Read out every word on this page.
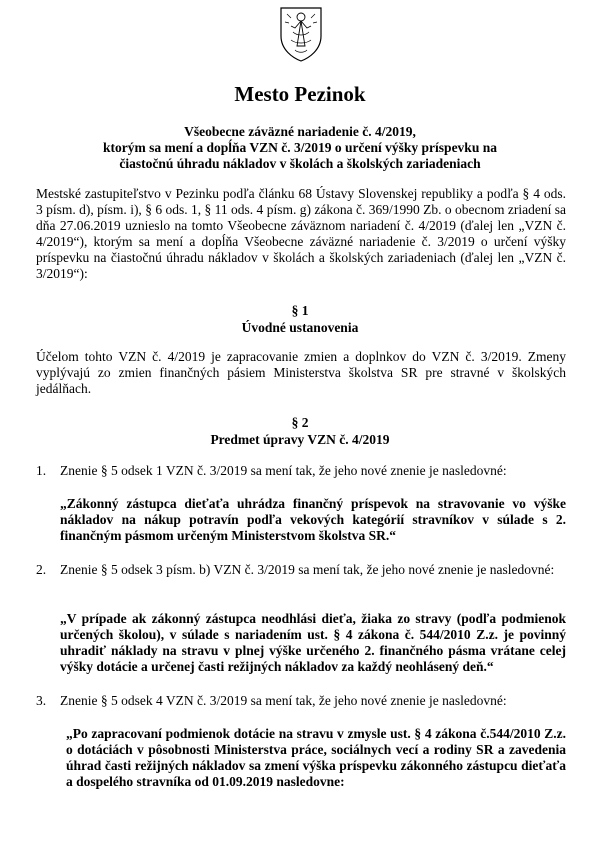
Mesto Pezinok
Všeobecne záväzné nariadenie č. 4/2019,
ktorým sa mení a dopĺňa VZN č. 3/2019 o určení výšky príspevku na
čiastočnú úhradu nákladov v školách a školských zariadeniach
Mestské zastupiteľstvo v Pezinku podľa článku 68 Ústavy Slovenskej republiky a podľa § 4 ods. 3 písm. d), písm. i), § 6 ods. 1, § 11 ods. 4 písm. g) zákona č. 369/1990 Zb. o obecnom zriadení sa dňa 27.06.2019 uznieslo na tomto Všeobecne záväznom nariadení č. 4/2019 (ďalej len „VZN č. 4/2019“), ktorým sa mení a dopĺňa Všeobecne záväzné nariadenie č. 3/2019 o určení výšky príspevku na čiastočnú úhradu nákladov v školách a školských zariadeniach (ďalej len „VZN č. 3/2019“):
§ 1
Úvodné ustanovenia
Účelom tohto VZN č. 4/2019 je zapracovanie zmien a doplnkov do VZN č. 3/2019. Zmeny vyplývajú zo zmien finančných pásiem Ministerstva školstva SR pre stravné v školských jedálňach.
§ 2
Predmet úpravy VZN č. 4/2019
1. Znenie § 5 odsek 1 VZN č. 3/2019 sa mení tak, že jeho nové znenie je nasledovné:
„Zákonný zástupca dieťaťa uhrádza finančný príspevok na stravovanie vo výške nákladov na nákup potravín podľa vekových kategórií stravníkov v súlade s 2. finančným pásmom určeným Ministerstvom školstva SR.“
2. Znenie § 5 odsek 3 písm. b) VZN č. 3/2019 sa mení tak, že jeho nové znenie je nasledovné:
„V prípade ak zákonný zástupca neodhlási dieťa, žiaka zo stravy (podľa podmienok určených školou), v súlade s nariadením ust. § 4 zákona č. 544/2010 Z.z. je povinný uhradiť náklady na stravu v plnej výške určeného 2. finančného pásma vrátane celej výšky dotácie a určenej časti režijných nákladov za každý neohlásený deň.“
3. Znenie § 5 odsek 4 VZN č. 3/2019 sa mení tak, že jeho nové znenie je nasledovné:
„Po zapracovaní podmienok dotácie na stravu v zmysle ust. § 4 zákona č.544/2010 Z.z. o dotáciách v pôsobnosti Ministerstva práce, sociálnych vecí a rodiny SR a zavedenia úhrad časti režijných nákladov sa zmení výška príspevku zákonného zástupcu dieťaťa a dospelého stravníka od 01.09.2019 nasledovne:
